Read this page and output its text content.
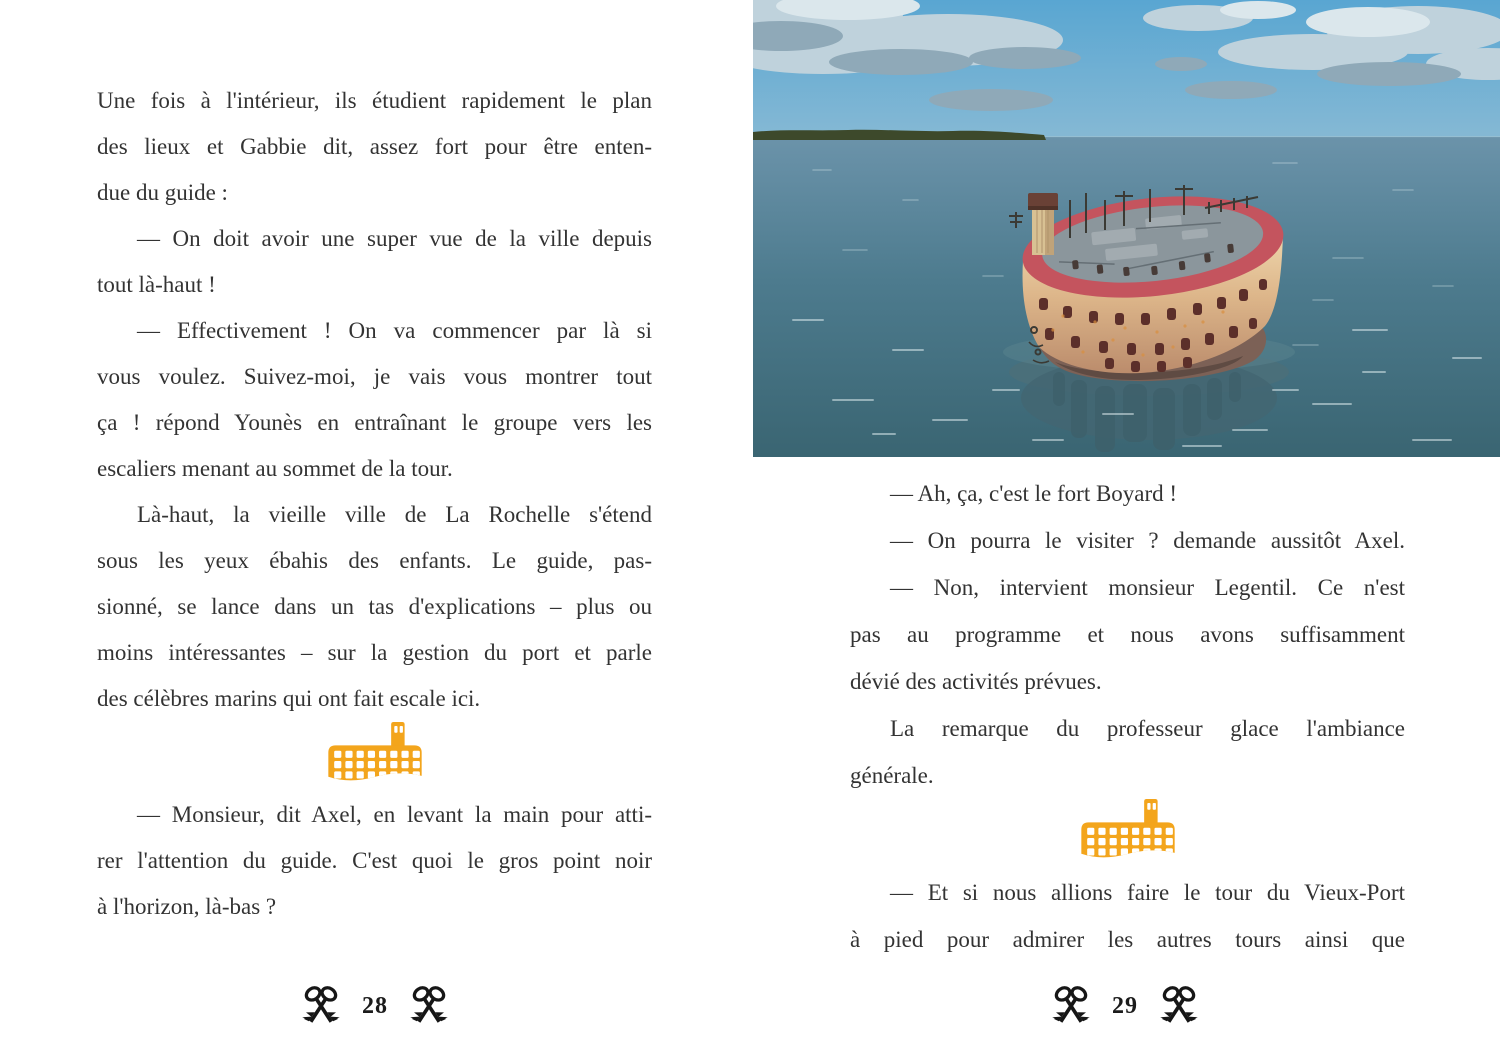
Une fois à l'intérieur, ils étudient rapidement le plan
des lieux et Gabbie dit, assez fort pour être enten-
due du guide :
— On doit avoir une super vue de la ville depuis
tout là-haut !
— Effectivement ! On va commencer par là si
vous voulez. Suivez-moi, je vais vous montrer tout
ça ! répond Younès en entraînant le groupe vers les
escaliers menant au sommet de la tour.
Là-haut, la vieille ville de La Rochelle s'étend
sous les yeux ébahis des enfants. Le guide, pas-
sionné, se lance dans un tas d'explications – plus ou
moins intéressantes – sur la gestion du port et parle
des célèbres marins qui ont fait escale ici.
— Monsieur, dit Axel, en levant la main pour atti-
rer l'attention du guide. C'est quoi le gros point noir
à l'horizon, là-bas ?
28
— Ah, ça, c'est le fort Boyard !
— On pourra le visiter ? demande aussitôt Axel.
— Non, intervient monsieur Legentil. Ce n'est
pas au programme et nous avons suffisamment
dévié des activités prévues.
La remarque du professeur glace l'ambiance
générale.
— Et si nous allions faire le tour du Vieux-Port
à pied pour admirer les autres tours ainsi que
29
